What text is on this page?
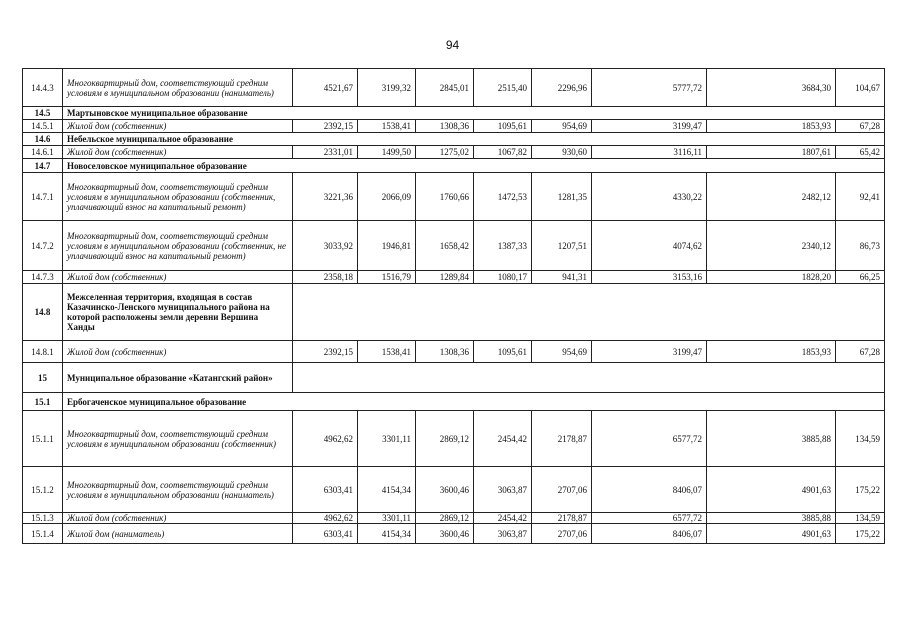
94
14.4.3	Многоквартирный дом, соответствующий средним условиям в муниципальном образовании (наниматель)	4521,67	3199,32	2845,01	2515,40	2296,96	5777,72	3684,30	104,67
14.5	Мартыновское муниципальное образование								
14.5.1	Жилой дом (собственник)	2392,15	1538,41	1308,36	1095,61	954,69	3199,47	1853,93	67,28
14.6	Небельское муниципальное образование								
14.6.1	Жилой дом (собственник)	2331,01	1499,50	1275,02	1067,82	930,60	3116,11	1807,61	65,42
14.7	Новоселовское муниципальное образование								
14.7.1	Многоквартирный дом, соответствующий средним условиям в муниципальном образовании (собственник, уплачивающий взнос на капитальный ремонт)	3221,36	2066,09	1760,66	1472,53	1281,35	4330,22	2482,12	92,41
14.7.2	Многоквартирный дом, соответствующий средним условиям в муниципальном образовании (собственник, не уплачивающий взнос на капитальный ремонт)	3033,92	1946,81	1658,42	1387,33	1207,51	4074,62	2340,12	86,73
14.7.3	Жилой дом (собственник)	2358,18	1516,79	1289,84	1080,17	941,31	3153,16	1828,20	66,25
14.8	Межселенная территория, входящая в состав Казачинско-Ленского муниципального района на которой расположены земли деревни Вершина Ханды								
14.8.1	Жилой дом (собственник)	2392,15	1538,41	1308,36	1095,61	954,69	3199,47	1853,93	67,28
15	Муниципальное образование «Катангский район»								
15.1	Ербогаченское муниципальное образование								
15.1.1	Многоквартирный дом, соответствующий средним условиям в муниципальном образовании (собственник)	4962,62	3301,11	2869,12	2454,42	2178,87	6577,72	3885,88	134,59
15.1.2	Многоквартирный дом, соответствующий средним условиям в муниципальном образовании (наниматель)	6303,41	4154,34	3600,46	3063,87	2707,06	8406,07	4901,63	175,22
15.1.3	Жилой дом (собственник)	4962,62	3301,11	2869,12	2454,42	2178,87	6577,72	3885,88	134,59
15.1.4	Жилой дом (наниматель)	6303,41	4154,34	3600,46	3063,87	2707,06	8406,07	4901,63	175,22
